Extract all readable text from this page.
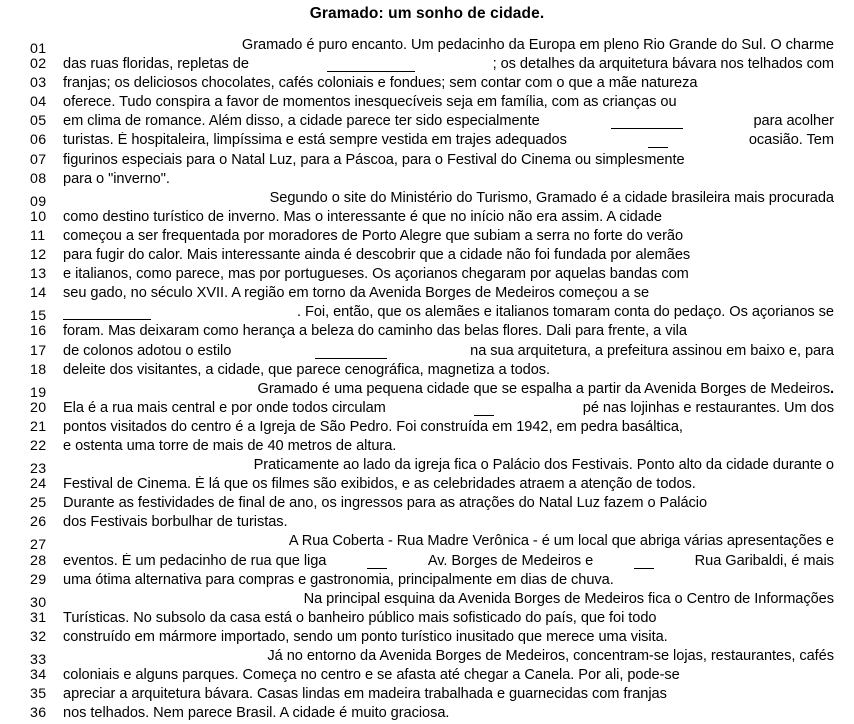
Gramado: um sonho de cidade.
01	Gramado é puro encanto. Um pedacinho da Europa em pleno Rio Grande do Sul. O charme
02	das ruas floridas, repletas de	; os detalhes da arquitetura bávara nos telhados com
03	franjas; os deliciosos chocolates, cafés coloniais e fondues; sem contar com o que a mãe natureza
04	oferece. Tudo conspira a favor de momentos inesquecíveis seja em família, com as crianças ou
05	em clima de romance. Além disso, a cidade parece ter sido especialmente	para acolher
06	turistas. É hospitaleira, limpíssima e está sempre vestida em trajes adequados	ocasião. Tem
07	figurinos especiais para o Natal Luz, para a Páscoa, para o Festival do Cinema ou simplesmente
08	para o "inverno".
09	Segundo o site do Ministério do Turismo, Gramado é a cidade brasileira mais procurada
10	como destino turístico de inverno. Mas o interessante é que no início não era assim. A cidade
11	começou a ser frequentada por moradores de Porto Alegre que subiam a serra no forte do verão
12	para fugir do calor. Mais interessante ainda é descobrir que a cidade não foi fundada por alemães
13	e italianos, como parece, mas por portugueses. Os açorianos chegaram por aquelas bandas com
14	seu gado, no século XVII. A região em torno da Avenida Borges de Medeiros começou a se
15	. Foi, então, que os alemães e italianos tomaram conta do pedaço. Os açorianos se
16	foram. Mas deixaram como herança a beleza do caminho das belas flores. Dali para frente, a vila
17	de colonos adotou o estilo	na sua arquitetura, a prefeitura assinou em baixo e, para
18	deleite dos visitantes, a cidade, que parece cenográfica, magnetiza a todos.
19	Gramado é uma pequena cidade que se espalha a partir da Avenida Borges de Medeiros.
20	Ela é a rua mais central e por onde todos circulam	pé nas lojinhas e restaurantes. Um dos
21	pontos visitados do centro é a Igreja de São Pedro. Foi construída em 1942, em pedra basáltica,
22	e ostenta uma torre de mais de 40 metros de altura.
23	Praticamente ao lado da igreja fica o Palácio dos Festivais. Ponto alto da cidade durante o
24	Festival de Cinema. É lá que os filmes são exibidos, e as celebridades atraem a atenção de todos.
25	Durante as festividades de final de ano, os ingressos para as atrações do Natal Luz fazem o Palácio
26	dos Festivais borbulhar de turistas.
27	A Rua Coberta - Rua Madre Verônica - é um local que abriga várias apresentações e
28	eventos. É um pedacinho de rua que liga	Av. Borges de Medeiros e	Rua Garibaldi, é mais
29	uma ótima alternativa para compras e gastronomia, principalmente em dias de chuva.
30	Na principal esquina da Avenida Borges de Medeiros fica o Centro de Informações
31	Turísticas. No subsolo da casa está o banheiro público mais sofisticado do país, que foi todo
32	construído em mármore importado, sendo um ponto turístico inusitado que merece uma visita.
33	Já no entorno da Avenida Borges de Medeiros, concentram-se lojas, restaurantes, cafés
34	coloniais e alguns parques. Começa no centro e se afasta até chegar a Canela. Por ali, pode-se
35	apreciar a arquitetura bávara. Casas lindas em madeira trabalhada e guarnecidas com franjas
36	nos telhados. Nem parece Brasil. A cidade é muito graciosa.
